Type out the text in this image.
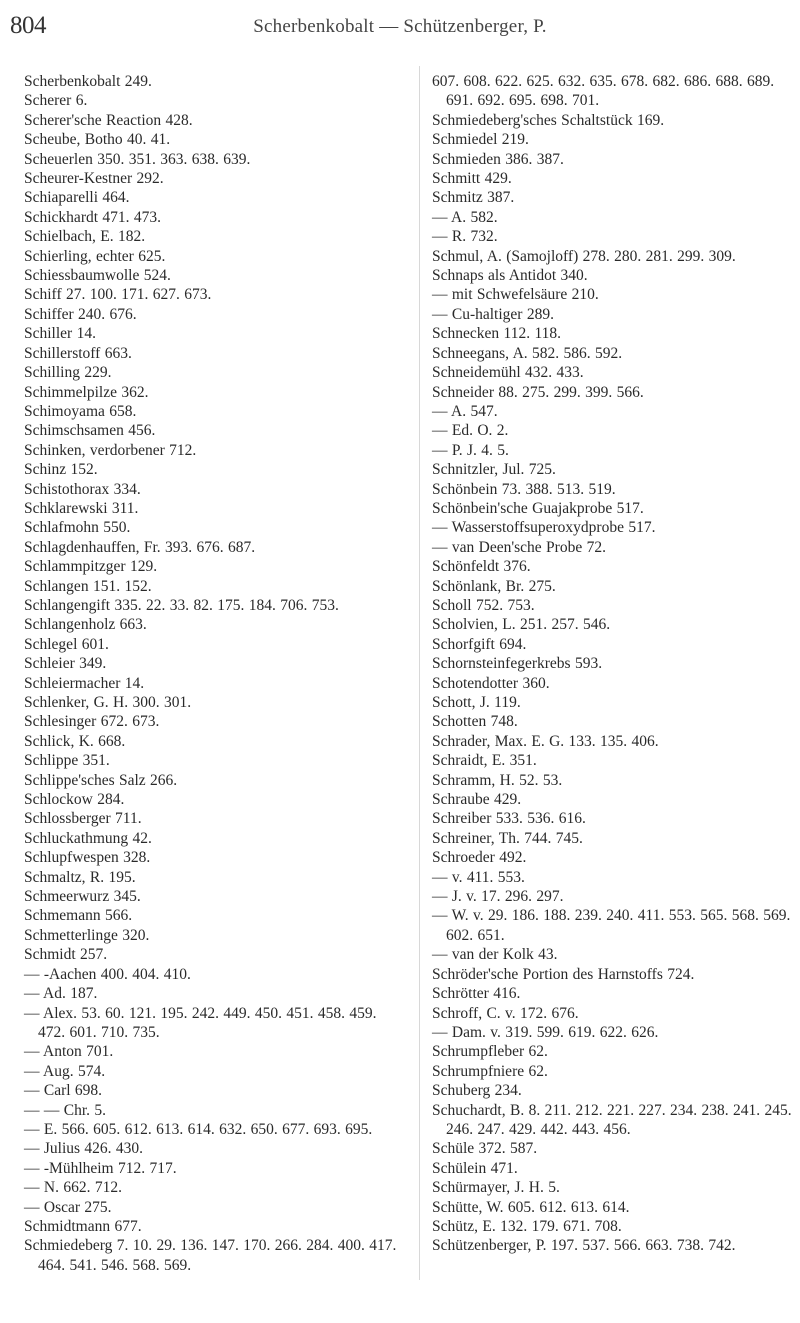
804	Scherbenkobalt — Schützenberger, P.
Scherbenkobalt 249.
Scherer 6.
Scherer'sche Reaction 428.
Scheube, Botho 40. 41.
Scheuerlen 350. 351. 363. 638. 639.
Scheurer-Kestner 292.
Schiaparelli 464.
Schickhardt 471. 473.
Schielbach, E. 182.
Schierling, echter 625.
Schiessbaumwolle 524.
Schiff 27. 100. 171. 627. 673.
Schiffer 240. 676.
Schiller 14.
Schillerstoff 663.
Schilling 229.
Schimmelpilze 362.
Schimoyama 658.
Schimschsamen 456.
Schinken, verdorbener 712.
Schinz 152.
Schistothorax 334.
Schklarewski 311.
Schlafmohn 550.
Schlagdenhauffen, Fr. 393. 676. 687.
Schlammpitzger 129.
Schlangen 151. 152.
Schlangengift 335. 22. 33. 82. 175. 184. 706. 753.
Schlangenholz 663.
Schlegel 601.
Schleier 349.
Schleiermacher 14.
Schlenker, G. H. 300. 301.
Schlesinger 672. 673.
Schlick, K. 668.
Schlippe 351.
Schlippe'sches Salz 266.
Schlockow 284.
Schlossberger 711.
Schluckathmung 42.
Schlupfwespen 328.
Schmaltz, R. 195.
Schmeerwurz 345.
Schmemann 566.
Schmetterlinge 320.
Schmidt 257.
— -Aachen 400. 404. 410.
— Ad. 187.
— Alex. 53. 60. 121. 195. 242. 449. 450. 451. 458. 459. 472. 601. 710. 735.
— Anton 701.
— Aug. 574.
— Carl 698.
— — Chr. 5.
— E. 566. 605. 612. 613. 614. 632. 650. 677. 693. 695.
— Julius 426. 430.
— -Mühlheim 712. 717.
— N. 662. 712.
— Oscar 275.
Schmidtmann 677.
Schmiedeberg 7. 10. 29. 136. 147. 170. 266. 284. 400. 417. 464. 541. 546. 568. 569.
607. 608. 622. 625. 632. 635. 678. 682. 686. 688. 689. 691. 692. 695. 698. 701.
Schmiedeberg'sches Schaltstück 169.
Schmiedel 219.
Schmieden 386. 387.
Schmitt 429.
Schmitz 387.
— A. 582.
— R. 732.
Schmul, A. (Samojloff) 278. 280. 281. 299. 309.
Schnaps als Antidot 340.
— mit Schwefelsäure 210.
— Cu-haltiger 289.
Schnecken 112. 118.
Schneegans, A. 582. 586. 592.
Schneidemühl 432. 433.
Schneider 88. 275. 299. 399. 566.
— A. 547.
— Ed. O. 2.
— P. J. 4. 5.
Schnitzler, Jul. 725.
Schönbein 73. 388. 513. 519.
Schönbein'sche Guajakprobe 517.
— Wasserstoffsuperoxydprobe 517.
— van Deen'sche Probe 72.
Schönfeldt 376.
Schönlank, Br. 275.
Scholl 752. 753.
Scholvien, L. 251. 257. 546.
Schorfgift 694.
Schornsteinfegerkrebs 593.
Schotendotter 360.
Schott, J. 119.
Schotten 748.
Schrader, Max. E. G. 133. 135. 406.
Schraidt, E. 351.
Schramm, H. 52. 53.
Schraube 429.
Schreiber 533. 536. 616.
Schreiner, Th. 744. 745.
Schroeder 492.
— v. 411. 553.
— J. v. 17. 296. 297.
— W. v. 29. 186. 188. 239. 240. 411. 553. 565. 568. 569. 602. 651.
— van der Kolk 43.
Schröder'sche Portion des Harnstoffs 724.
Schrötter 416.
Schroff, C. v. 172. 676.
— Dam. v. 319. 599. 619. 622. 626.
Schrumpfleber 62.
Schrumpfniere 62.
Schuberg 234.
Schuchardt, B. 8. 211. 212. 221. 227. 234. 238. 241. 245. 246. 247. 429. 442. 443. 456.
Schüle 372. 587.
Schülein 471.
Schürmayer, J. H. 5.
Schütte, W. 605. 612. 613. 614.
Schütz, E. 132. 179. 671. 708.
Schützenberger, P. 197. 537. 566. 663. 738. 742.
